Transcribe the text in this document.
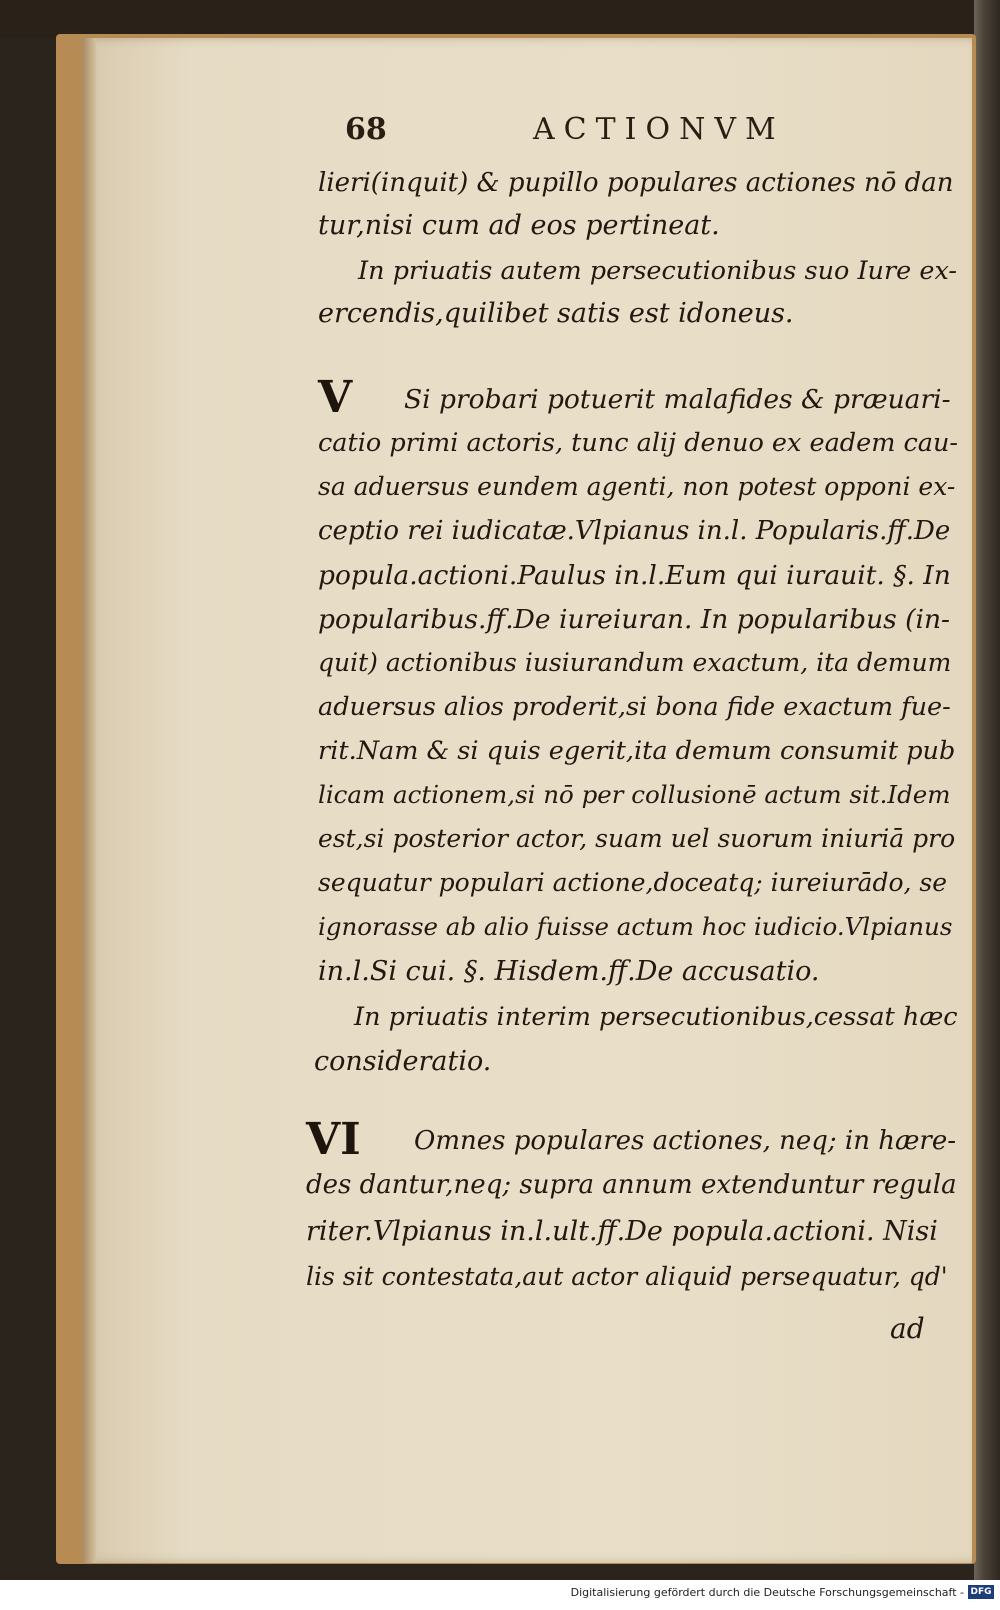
68	ACTIONVM
lieri(inquit) & pupillo populares actiones nō dan
tur,nisi cum ad eos pertineat.
In priuatis autem persecutionibus suo Iure ex-
ercendis,quilibet satis est idoneus.
V Si probari potuerit malafides & præuari-
catio primi actoris, tunc alij denuo ex eadem cau-
sa aduersus eundem agenti, non potest opponi ex-
ceptio rei iudicatæ.Vlpianus in.l. Popularis.ff.De
popula.actioni.Paulus in.l.Eum qui iurauit. §. In
popularibus.ff.De iureiuran. In popularibus (in-
quit) actionibus iusiurandum exactum, ita demum
aduersus alios proderit,si bona fide exactum fue-
rit.Nam & si quis egerit,ita demum consumit pub
licam actionem,si nō per collusionē actum sit.Idem
est,si posterior actor, suam uel suorum iniuriā pro
sequatur populari actione,doceatq; iureiurādo, se
ignorasse ab alio fuisse actum hoc iudicio.Vlpianus
in.l.Si cui. §. Hisdem.ff.De accusatio.
In priuatis interim persecutionibus,cessat hæc
consideratio.
VI Omnes populares actiones, neq; in hære-
des dantur,neq; supra annum extenduntur regula
riter.Vlpianus in.l.ult.ff.De popula.actioni. Nisi
lis sit contestata,aut actor aliquid persequatur, qd'
ad
Digitalisierung gefördert durch die Deutsche Forschungsgemeinschaft - DFG
